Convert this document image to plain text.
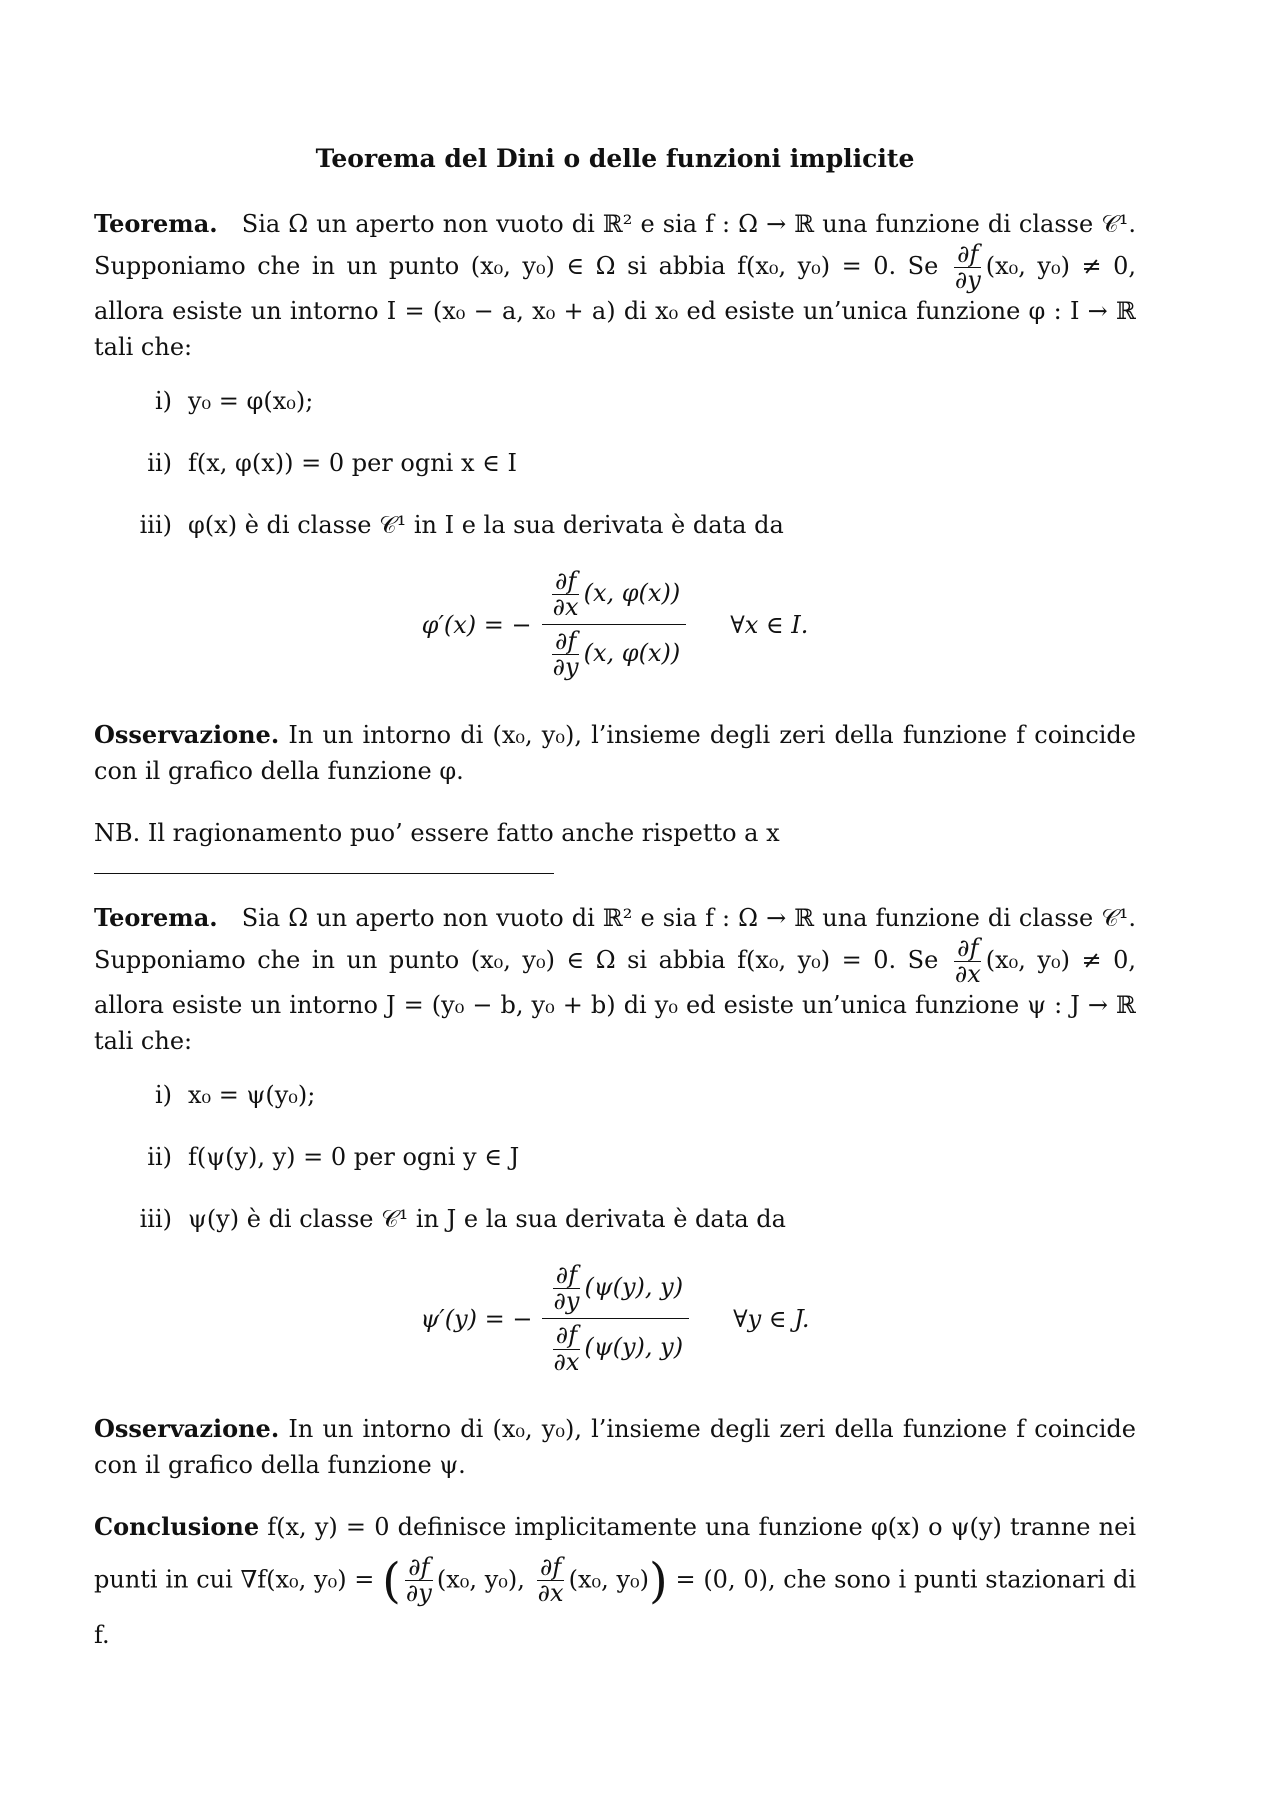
Teorema del Dini o delle funzioni implicite
Teorema. Sia Ω un aperto non vuoto di ℝ² e sia f : Ω → ℝ una funzione di classe 𝒞¹. Supponiamo che in un punto (x₀, y₀) ∈ Ω si abbia f(x₀, y₀) = 0. Se $\frac{\partial f}{\partial y} (x_0$, y₀) ≠ 0, allora esiste un intorno I = (x₀ − a, x₀ + a) di x₀ ed esiste un’unica funzione φ : I → ℝ tali che:
i) y₀ = φ(x₀);
ii) f(x, φ(x)) = 0 per ogni x ∈ I
iii) φ(x) è di classe 𝒞¹ in I e la sua derivata è data da
φ′(x) = − $\frac{\frac{\partial f}{\partial x} (x, \varphi(x))}{\frac{\partial f}{\partial y} (x, \varphi(x))}$ ∀x ∈ I.
Osservazione. In un intorno di (x₀, y₀), l’insieme degli zeri della funzione f coincide con il grafico della funzione φ.
NB. Il ragionamento puo’ essere fatto anche rispetto a x
Teorema. Sia Ω un aperto non vuoto di ℝ² e sia f : Ω → ℝ una funzione di classe 𝒞¹. Supponiamo che in un punto (x₀, y₀) ∈ Ω si abbia f(x₀, y₀) = 0. Se $\frac{\partial f}{\partial x} (x_0$, y₀) ≠ 0, allora esiste un intorno J = (y₀ − b, y₀ + b) di y₀ ed esiste un’unica funzione ψ : J → ℝ tali che:
i) x₀ = ψ(y₀);
ii) f(ψ(y), y) = 0 per ogni y ∈ J
iii) ψ(y) è di classe 𝒞¹ in J e la sua derivata è data da
ψ′(y) = − $\frac{\frac{\partial f}{\partial y} (\psi(y), y)}{\frac{\partial f}{\partial x} (\psi(y), y)}$ ∀y ∈ J.
Osservazione. In un intorno di (x₀, y₀), l’insieme degli zeri della funzione f coincide con il grafico della funzione ψ.
Conclusione f(x, y) = 0 definisce implicitamente una funzione φ(x) o ψ(y) tranne nei punti in cui ∇f(x₀, y₀) = ( $\frac{\partial f}{\partial y} (x_0$, y₀), $\frac{\partial f}{\partial x} (x_0$, y₀)) = (0, 0), che sono i punti stazionari di f.
